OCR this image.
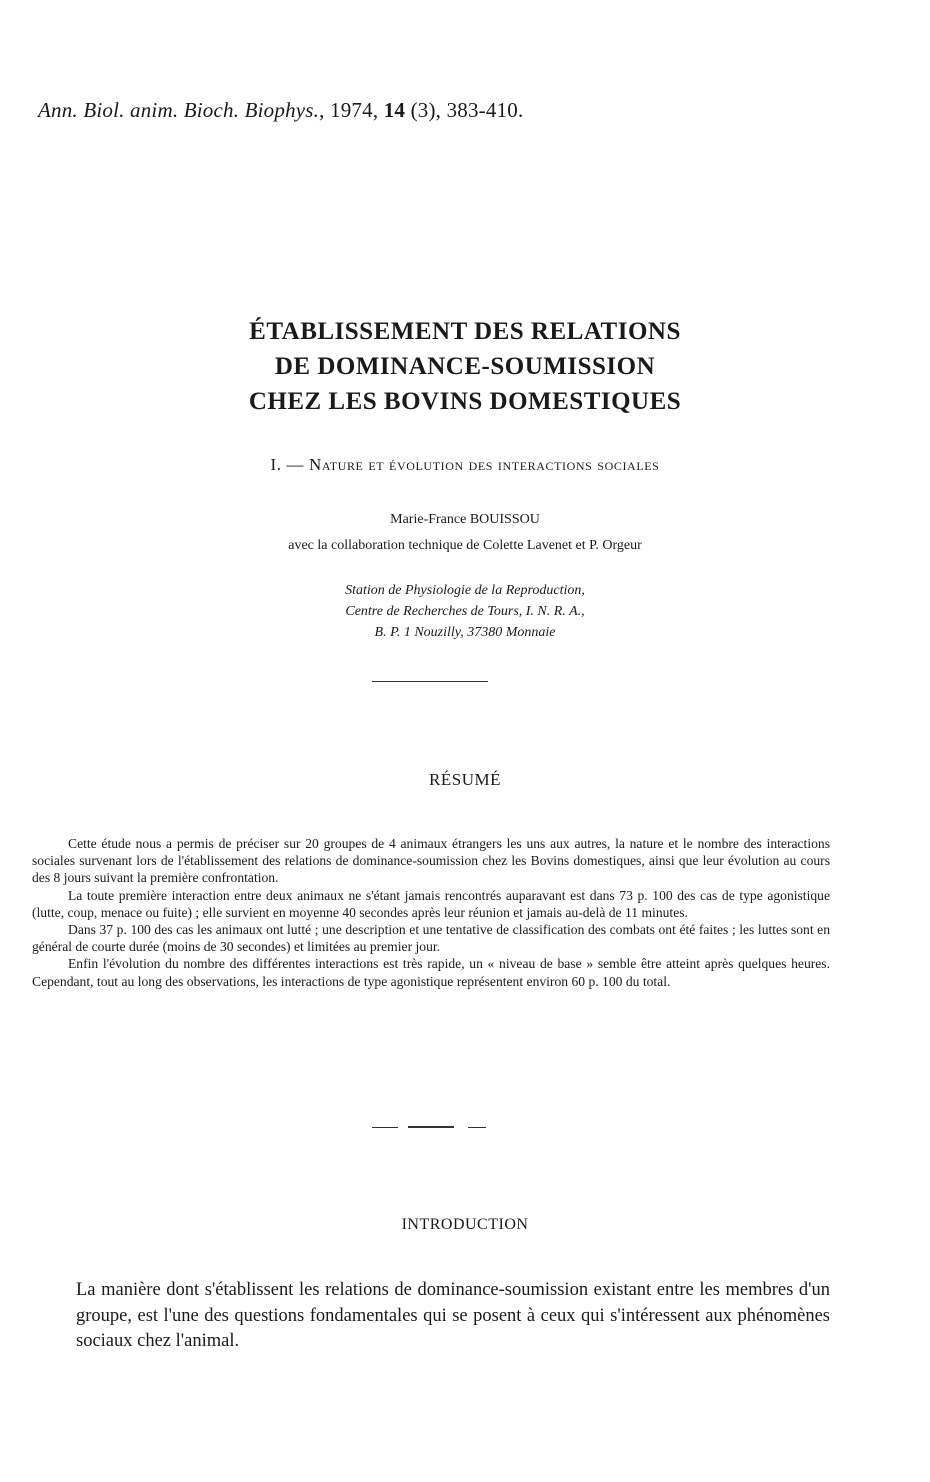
Ann. Biol. anim. Bioch. Biophys., 1974, 14 (3), 383-410.
ÉTABLISSEMENT DES RELATIONS
DE DOMINANCE-SOUMISSION
CHEZ LES BOVINS DOMESTIQUES
I. — Nature et évolution des interactions sociales
Marie-France BOUISSOU
avec la collaboration technique de Colette Lavenet et P. Orgeur
Station de Physiologie de la Reproduction,
Centre de Recherches de Tours, I. N. R. A.,
B. P. 1 Nouzilly, 37380 Monnaie
RÉSUMÉ

Cette étude nous a permis de préciser sur 20 groupes de 4 animaux étrangers les uns aux autres, la nature et le nombre des interactions sociales survenant lors de l'établissement des relations de dominance-soumission chez les Bovins domestiques, ainsi que leur évolution au cours des 8 jours suivant la première confrontation.

La toute première interaction entre deux animaux ne s'étant jamais rencontrés auparavant est dans 73 p. 100 des cas de type agonistique (lutte, coup, menace ou fuite) ; elle survient en moyenne 40 secondes après leur réunion et jamais au-delà de 11 minutes.

Dans 37 p. 100 des cas les animaux ont lutté ; une description et une tentative de classification des combats ont été faites ; les luttes sont en général de courte durée (moins de 30 secondes) et limitées au premier jour.

Enfin l'évolution du nombre des différentes interactions est très rapide, un « niveau de base » semble être atteint après quelques heures. Cependant, tout au long des observations, les interactions de type agonistique représentent environ 60 p. 100 du total.

INTRODUCTION

La manière dont s'établissent les relations de dominance-soumission existant entre les membres d'un groupe, est l'une des questions fondamentales qui se posent à ceux qui s'intéressent aux phénomènes sociaux chez l'animal.
